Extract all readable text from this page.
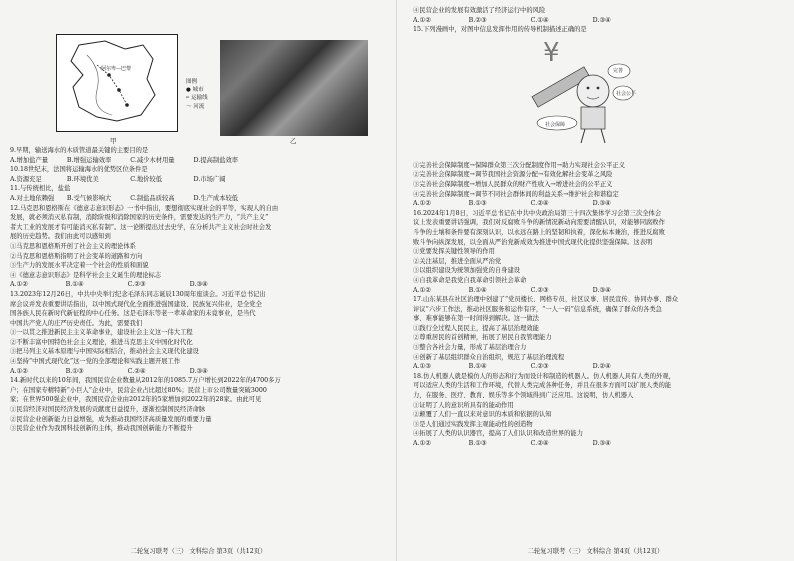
阿尔卑—巴黎
图例
● 城市
┅ 运输线
～ 河流
甲	乙
9.早期，输送海水的木质管道最关键的主要目的是
A.增加盐产量　　　B.增强运输效率　　　C.减少木材用量　　　D.提高制盐效率
10.18世纪末，法国将运输海水的优势区位条件是
A.资源充足　　　　B.环境优美　　　　　C.地价较低　　　　　D.市场广阔
11.与传统相比，盐盐
A.对土地依赖强　　B.受气候影响大　　　C.制盐品质较高　　　D.生产成本较低
12.马克思和恩格斯在《德意志意识形态》一书中指出，要想彻底实现社会的平等，实现人的自由
发展，就必须消灭私有制，消除阶级和消除国家的历史条件，需要发达的生产力，“共产主义”
者大工业的发展才有可能消灭私有制”。这一论断提出过去史学，在分析共产主义社会时社会发
展的历史趋势。我们由此可以感知到
①马克思和恩格斯开创了社会主义的理论体系
②马克思和恩格斯指明了社会变革的道路和方向
③生产力的发展水平决定着一个社会的性质和面貌
④《德意志意识形态》是科学社会主义诞生的理论标志
A.①②　　　　　　B.①④　　　　　　　C.②③　　　　　　　D.③④
13.2023年12月26日，中共中央举行纪念毛泽东同志诞辰130周年座谈会。习近平总书记出
席会议并发表重要讲话指出，以中国式现代化全面推进强国建设、民族复兴伟业，是全党全
国各族人民在新时代新征程的中心任务。这是毛泽东等老一辈革命家的未竟事业，是当代
中国共产党人的庄严历史责任。为此，需要我们
①一以贯之推进新民主主义革命事业，建设社会主义这一伟大工程
②不断丰富中国特色社会主义理论，推进马克思主义中国化时代化
③把马列主义基本原理与中国实际相结合，推动社会主义现代化建设
④坚持“中国式现代化”这一党的全部理论和实践主题开展工作
A.①②　　　　　　B.①③　　　　　　　C.②④　　　　　　　D.③④
14.新时代以来的10年间，我国民营企业数量从2012年的1085.7万户增长到2022年的4700多万
户；在国家专精特新“小巨人”企业中，民营企业占比超过80%；民营上市公司数量突破3000
家；在世界500强企业中，我国民营企业由2012年的5家增加到2022年的28家。由此可见
①民营经济对国民经济发展的贡献度日益提升，逐渐控制国民经济命脉
②民营企业创新能力日益增强，成为推动我国经济高质量发展的重要力量
③民营企业作为我国科技创新的主体，推动我国创新能力不断提升
二轮复习联考（三） 文科综合 第3页（共12页）
④民营企业的发展有效激活了经济运行中的风险
A.①②　　　　　　B.②③　　　　　　　C.①④　　　　　　　D.③④
15.下列漫画中，对图中信息发挥作用的传导机制描述正确的是
¥
完善
社会公平
社会保障
①完善社会保障制度→保障群众第三次分配制度作用→助力实现社会公平正义
②完善社会保障制度→调节我国社会资源分配→有效化解社会变革之风险
③完善社会保障制度→增加人民群众的财产性收入→增进社会的公平正义
④完善社会保障制度→调节不同社会群体间的利益关系→维护社会和谐稳定
A.①②　　　　　　B.①③　　　　　　　C.②④　　　　　　　D.③④
16.2024年1月8日，习近平总书记在中共中央政治局第三十四次集体学习会第三次全体会
议上发表重要讲话强调，我们对反腐败斗争的新情况新动向需要清醒认识，对能够同腐败作
斗争的土壤和条件要有深刻认识，以永远在路上的坚韧和执着，深化标本兼治，推进反腐败
败斗争向纵深发展，以全面从严治党新成效为推进中国式现代化提供坚强保障。这表明
①党要发挥关键性领导的作用
②关注基层，推进全面从严治党
③以组织建设为统领加强党的自身建设
④自我革命是我党自我革命引领社会革命
A.①②　　　　　　B.①④　　　　　　　C.②③　　　　　　　D.③④
17.山东某县在社区治理中创建了“党员楼长、网格专员、社区议事、居民宣传、协同办事、群众
评议”六步工作法，推动社区服务和运作有序，“一人一码”信息系统，确保了群众的各类急
事、难事能够在第一时间得到解决。这一做法
①践行全过程人民民主，提高了基层治理效能
②尊重居民的首创精神，拓展了居民自我管理能力
③整合各社会力量，形成了基层治理合力
④创新了基层组织群众自治组织，规范了基层治理流程
A.①③　　　　　　B.①④　　　　　　　C.②③　　　　　　　D.②④
18.仿人机器人就是模仿人的形态和行为而设计和制造的机器人。仿人机器人具有人类的外观，
可以适应人类的生活和工作环境，代替人类完成各种任务，并且在很多方面可以扩展人类的能
力，在服务、医疗、教育、娱乐等多个领域得到广泛应用。这说明，仿人机器人
①证明了人的意识所具有的能动作用
②颠覆了人们一直以来对意识的本质和依据的认知
③是人们通过实践发挥主观能动性的创造物
④拓展了人类的认识器官，提高了人们认识和改造世界的能力
A.①②　　　　　　B.①③　　　　　　　C.②④　　　　　　　D.③④
二轮复习联考（三） 文科综合 第4页（共12页）
